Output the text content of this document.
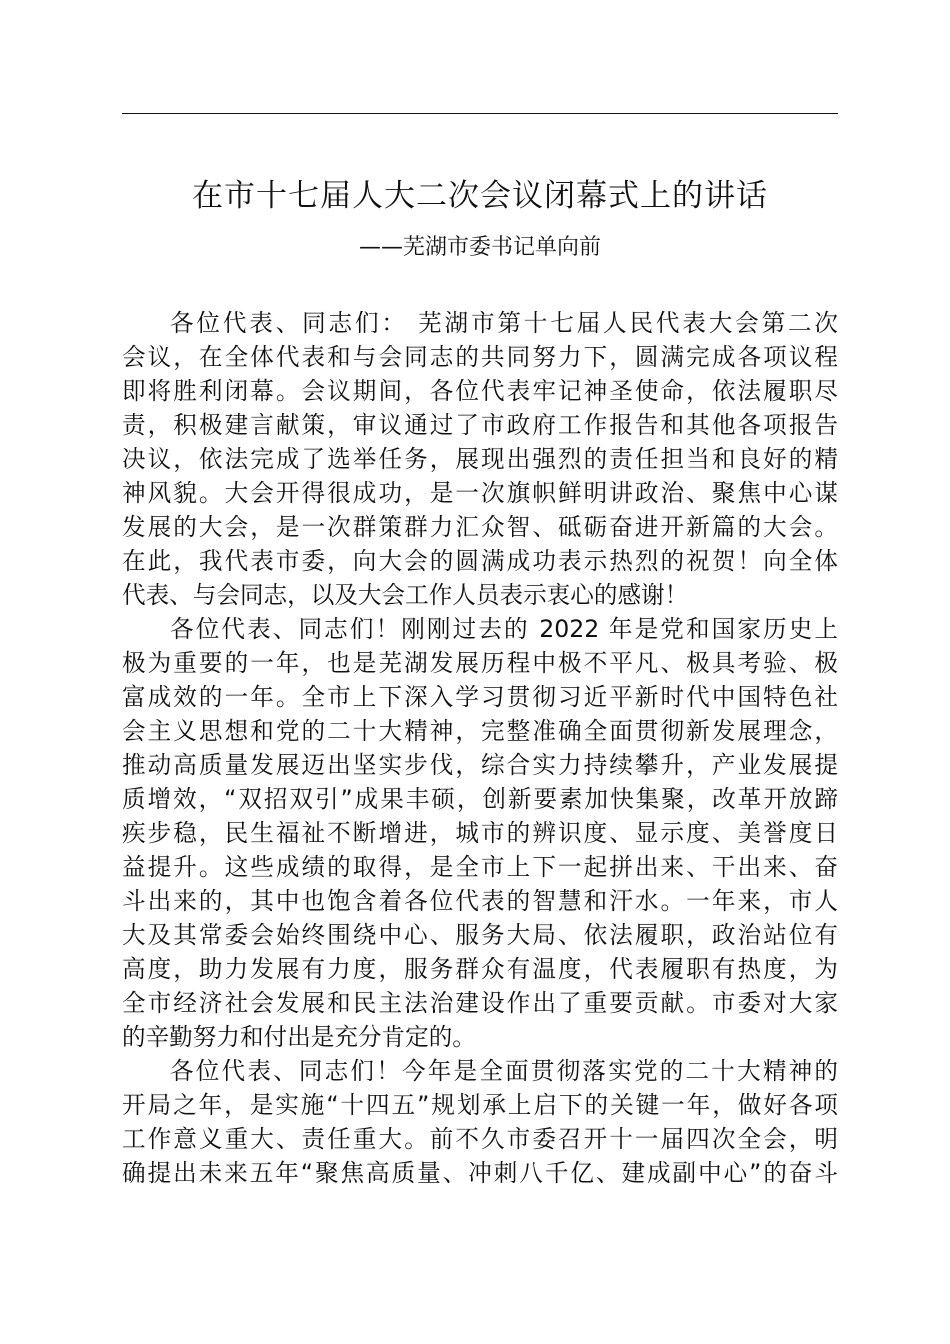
在市十七届人大二次会议闭幕式上的讲话
——芜湖市委书记单向前
各位代表、同志们： 芜湖市第十七届人民代表大会第二次
会议，在全体代表和与会同志的共同努力下，圆满完成各项议程
即将胜利闭幕。会议期间，各位代表牢记神圣使命，依法履职尽
责，积极建言献策，审议通过了市政府工作报告和其他各项报告
决议，依法完成了选举任务，展现出强烈的责任担当和良好的精
神风貌。大会开得很成功，是一次旗帜鲜明讲政治、聚焦中心谋
发展的大会，是一次群策群力汇众智、砥砺奋进开新篇的大会。
在此，我代表市委，向大会的圆满成功表示热烈的祝贺！向全体
代表、与会同志，以及大会工作人员表示衷心的感谢！
各位代表、同志们！刚刚过去的 2022 年是党和国家历史上
极为重要的一年，也是芜湖发展历程中极不平凡、极具考验、极
富成效的一年。全市上下深入学习贯彻习近平新时代中国特色社
会主义思想和党的二十大精神，完整准确全面贯彻新发展理念，
推动高质量发展迈出坚实步伐，综合实力持续攀升，产业发展提
质增效，“双招双引”成果丰硕，创新要素加快集聚，改革开放蹄
疾步稳，民生福祉不断增进，城市的辨识度、显示度、美誉度日
益提升。这些成绩的取得，是全市上下一起拼出来、干出来、奋
斗出来的，其中也饱含着各位代表的智慧和汗水。一年来，市人
大及其常委会始终围绕中心、服务大局、依法履职，政治站位有
高度，助力发展有力度，服务群众有温度，代表履职有热度，为
全市经济社会发展和民主法治建设作出了重要贡献。市委对大家
的辛勤努力和付出是充分肯定的。
各位代表、同志们！今年是全面贯彻落实党的二十大精神的
开局之年，是实施“十四五”规划承上启下的关键一年，做好各项
工作意义重大、责任重大。前不久市委召开十一届四次全会，明
确提出未来五年“聚焦高质量、冲刺八千亿、建成副中心”的奋斗
